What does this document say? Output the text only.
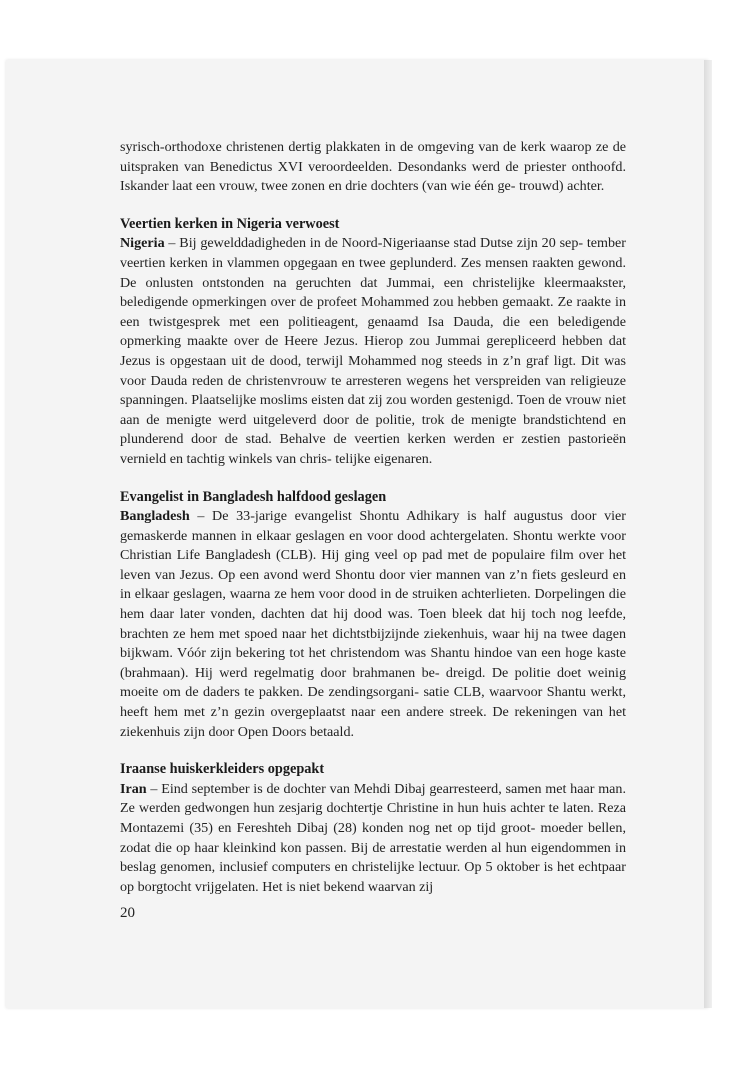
syrisch-orthodoxe christenen dertig plakkaten in de omgeving van de kerk waarop ze de uitspraken van Benedictus XVI veroordeelden. Desondanks werd de priester onthoofd. Iskander laat een vrouw, twee zonen en drie dochters (van wie één ge- trouwd) achter.

Veertien kerken in Nigeria verwoest

Nigeria – Bij gewelddadigheden in de Noord-Nigeriaanse stad Dutse zijn 20 sep- tember veertien kerken in vlammen opgegaan en twee geplunderd. Zes mensen raakten gewond. De onlusten ontstonden na geruchten dat Jummai, een christelijke kleermaakster, beledigende opmerkingen over de profeet Mohammed zou hebben gemaakt. Ze raakte in een twistgesprek met een politieagent, genaamd Isa Dauda, die een beledigende opmerking maakte over de Heere Jezus. Hierop zou Jummai gerepliceerd hebben dat Jezus is opgestaan uit de dood, terwijl Mohammed nog steeds in z’n graf ligt. Dit was voor Dauda reden de christenvrouw te arresteren wegens het verspreiden van religieuze spanningen. Plaatselijke moslims eisten dat zij zou worden gestenigd. Toen de vrouw niet aan de menigte werd uitgeleverd door de politie, trok de menigte brandstichtend en plunderend door de stad. Behalve de veertien kerken werden er zestien pastorieën vernield en tachtig winkels van chris- telijke eigenaren.

Evangelist in Bangladesh halfdood geslagen

Bangladesh – De 33-jarige evangelist Shontu Adhikary is half augustus door vier gemaskerde mannen in elkaar geslagen en voor dood achtergelaten. Shontu werkte voor Christian Life Bangladesh (CLB). Hij ging veel op pad met de populaire film over het leven van Jezus. Op een avond werd Shontu door vier mannen van z’n fiets gesleurd en in elkaar geslagen, waarna ze hem voor dood in de struiken achterlieten. Dorpelingen die hem daar later vonden, dachten dat hij dood was. Toen bleek dat hij toch nog leefde, brachten ze hem met spoed naar het dichtstbijzijnde ziekenhuis, waar hij na twee dagen bijkwam. Vóór zijn bekering tot het christendom was Shantu hindoe van een hoge kaste (brahmaan). Hij werd regelmatig door brahmanen be- dreigd. De politie doet weinig moeite om de daders te pakken. De zendingsorgani- satie CLB, waarvoor Shantu werkt, heeft hem met z’n gezin overgeplaatst naar een andere streek. De rekeningen van het ziekenhuis zijn door Open Doors betaald.

Iraanse huiskerkleiders opgepakt

Iran – Eind september is de dochter van Mehdi Dibaj gearresteerd, samen met haar man. Ze werden gedwongen hun zesjarig dochtertje Christine in hun huis achter te laten. Reza Montazemi (35) en Fereshteh Dibaj (28) konden nog net op tijd groot- moeder bellen, zodat die op haar kleinkind kon passen. Bij de arrestatie werden al hun eigendommen in beslag genomen, inclusief computers en christelijke lectuur. Op 5 oktober is het echtpaar op borgtocht vrijgelaten. Het is niet bekend waarvan zij

20
